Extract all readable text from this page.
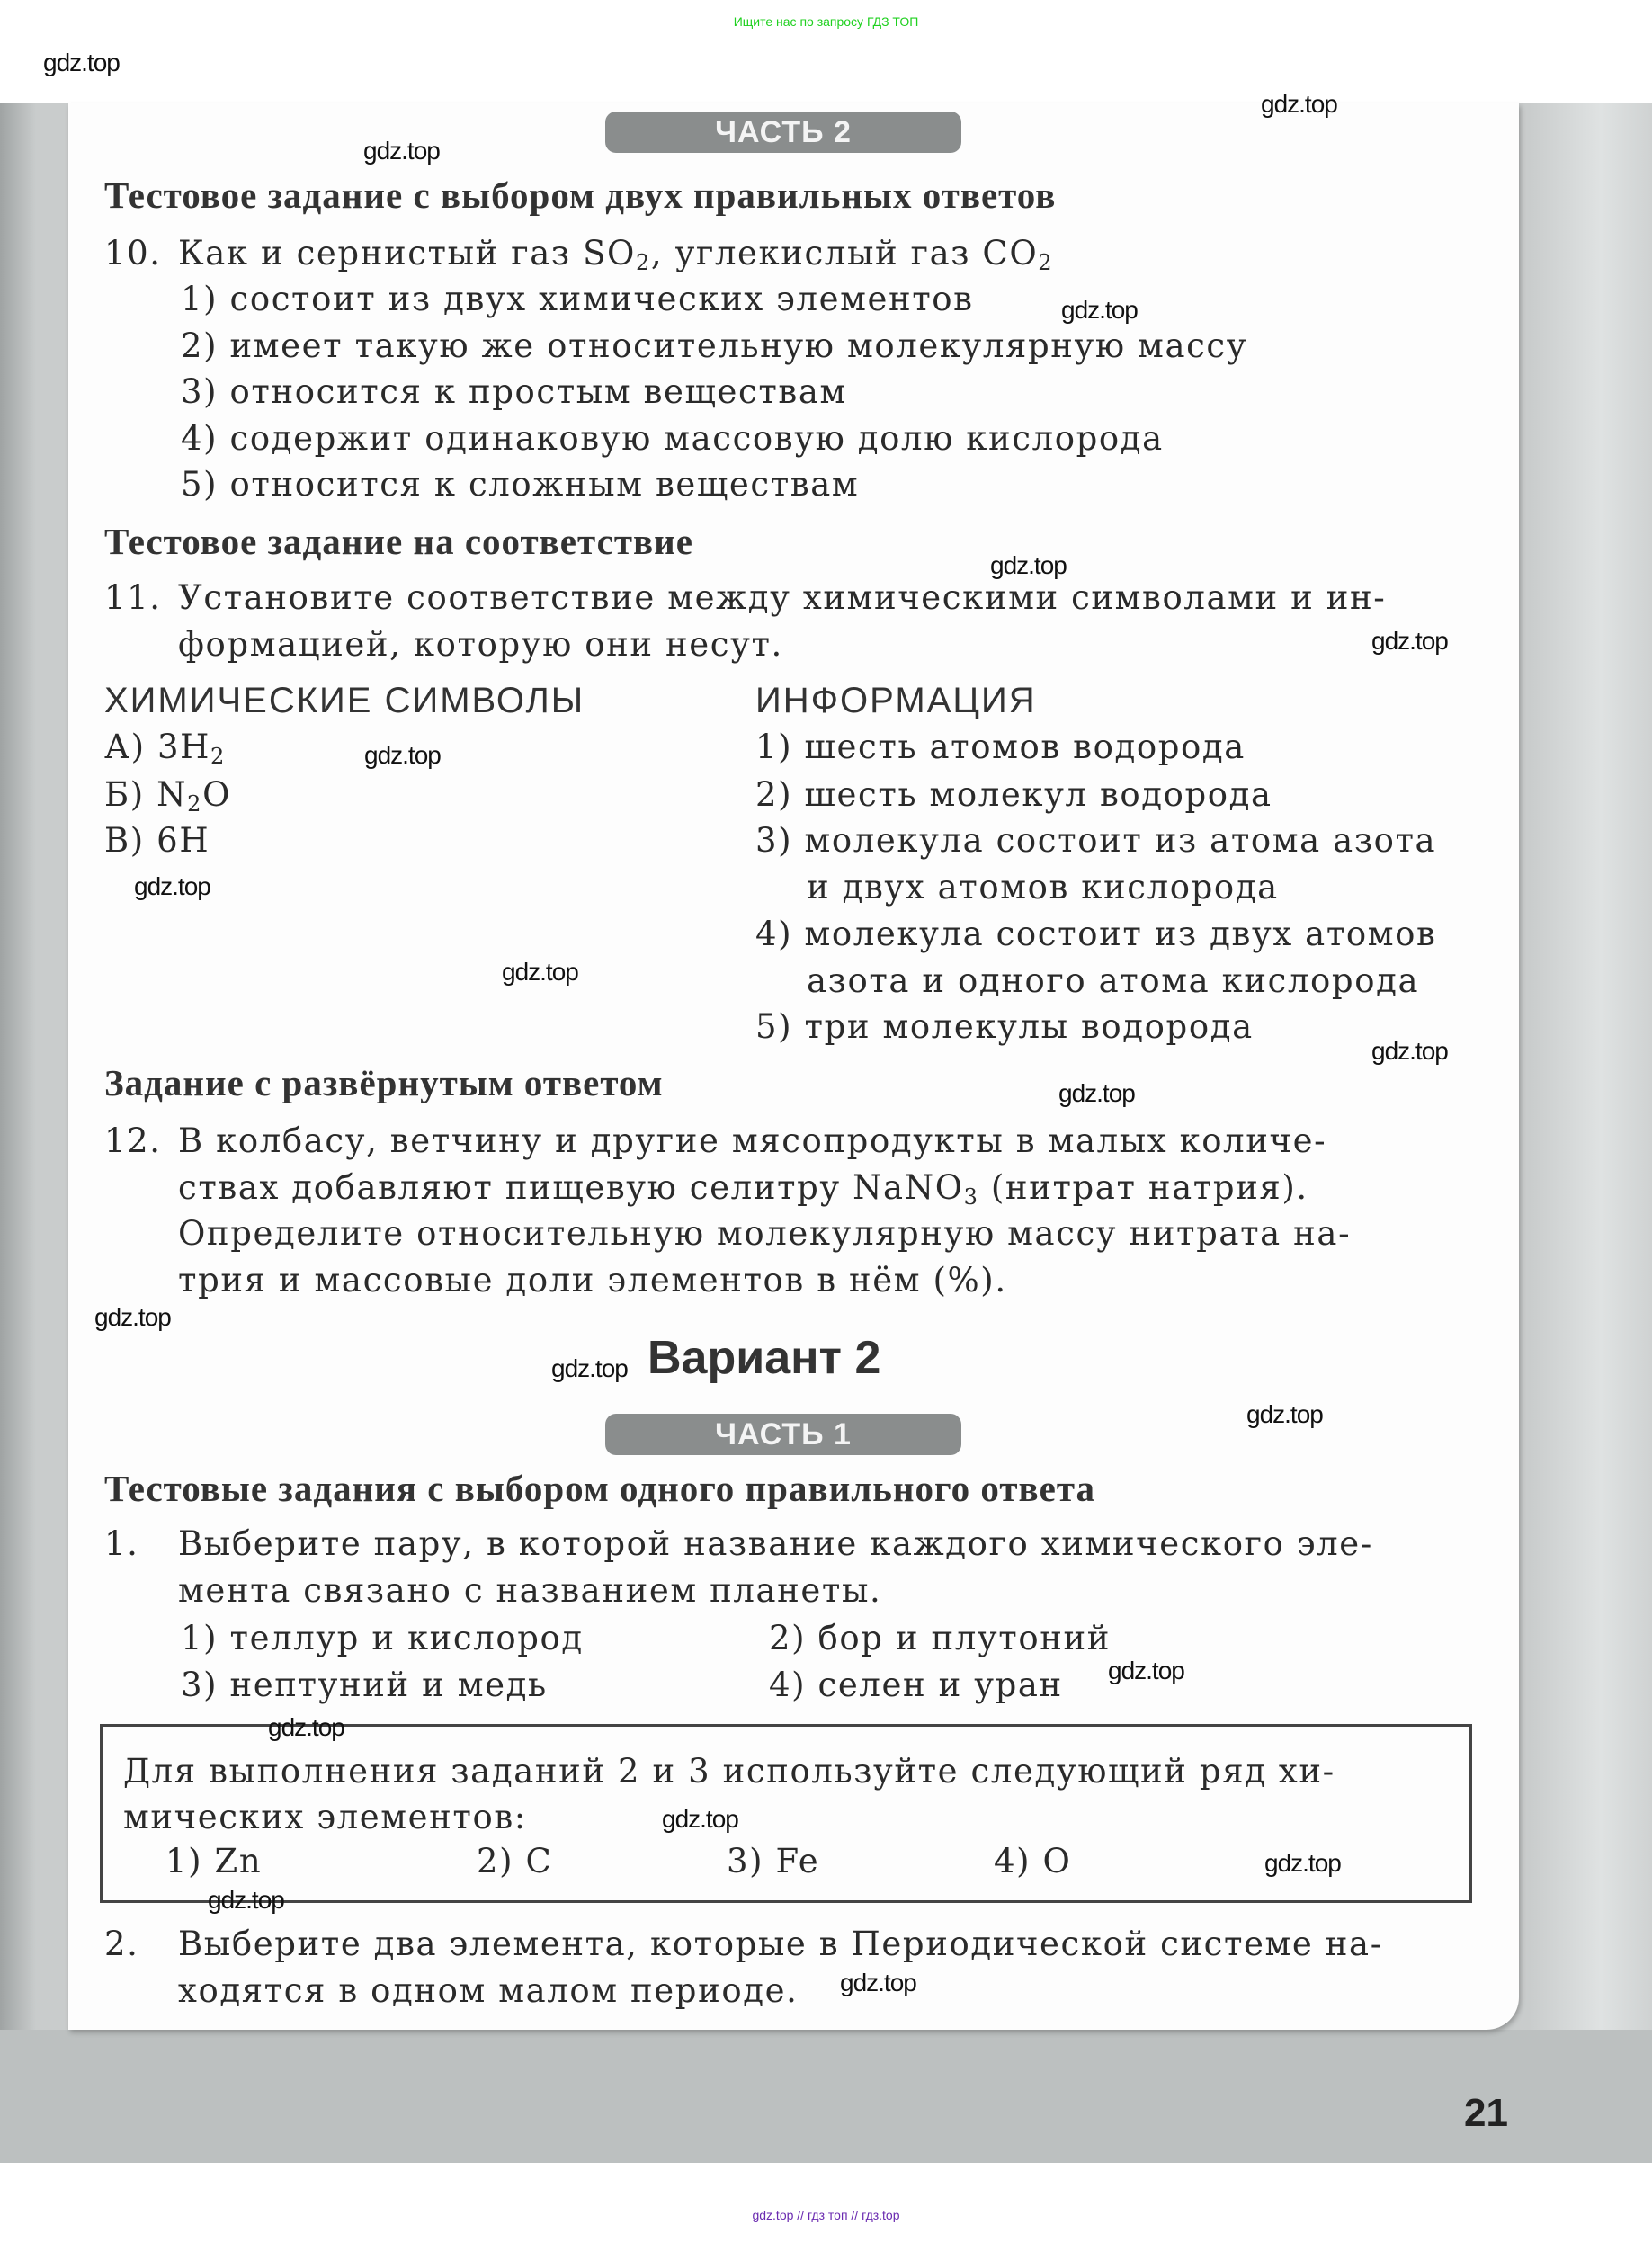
Ищите нас по запросу ГДЗ ТОП
ЧАСТЬ 2
Тестовое задание с выбором двух правильных ответов
10. Как и сернистый газ $SO_2$, углекислый газ $CO_2$
1) состоит из двух химических элементов
2) имеет такую же относительную молекулярную массу
3) относится к простым веществам
4) содержит одинаковую массовую долю кислорода
5) относится к сложным веществам
Тестовое задание на соответствие
11. Установите соответствие между химическими символами и ин-
формацией, которую они несут.
ХИМИЧЕСКИЕ СИМВОЛЫ	ИНФОРМАЦИЯ
А) $3H_2$
Б) $N_2O$
В) 6H
1) шесть атомов водорода
2) шесть молекул водорода
3) молекула состоит из атома азота
и двух атомов кислорода
4) молекула состоит из двух атомов
азота и одного атома кислорода
5) три молекулы водорода
Задание с развёрнутым ответом
12. В колбасу, ветчину и другие мясопродукты в малых количе-
ствах добавляют пищевую селитру NaNO$_3$ (нитрат натрия).
Определите относительную молекулярную массу нитрата на-
трия и массовые доли элементов в нём (%).
Вариант 2
ЧАСТЬ 1
Тестовые задания с выбором одного правильного ответа
1. Выберите пару, в которой название каждого химического эле-
мента связано с названием планеты.
1) теллур и кислород	2) бор и плутоний
3) нептуний и медь	4) селен и уран
Для выполнения заданий 2 и 3 используйте следующий ряд хи-
мических элементов:
1) Zn	2) C	3) Fe	4) O
2. Выберите два элемента, которые в Периодической системе на-
ходятся в одном малом периоде.
21
gdz.top // гдз топ // гдз.top
gdz.top
gdz.top
gdz.top
gdz.top
gdz.top
gdz.top
gdz.top
gdz.top
gdz.top
gdz.top
gdz.top
gdz.top
gdz.top
gdz.top
gdz.top
gdz.top
gdz.top
gdz.top
gdz.top
gdz.top
